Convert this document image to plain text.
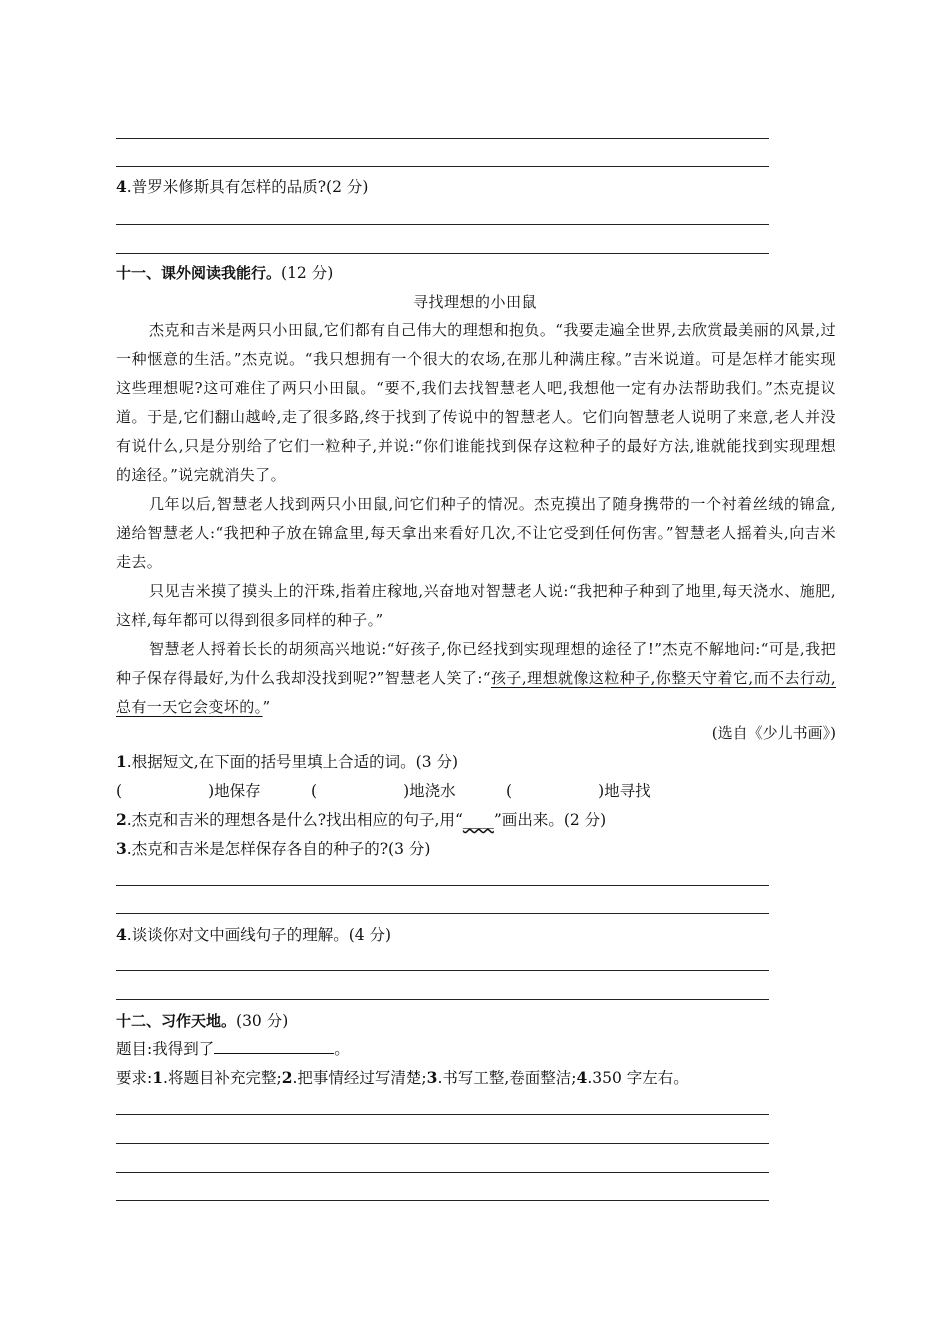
4.普罗米修斯具有怎样的品质?(2 分)
十一、课外阅读我能行。(12 分)
寻找理想的小田鼠

杰克和吉米是两只小田鼠,它们都有自己伟大的理想和抱负。“我要走遍全世界,去欣赏最美丽的风景,过一种惬意的生活。”杰克说。“我只想拥有一个很大的农场,在那儿种满庄稼。”吉米说道。可是怎样才能实现这些理想呢?这可难住了两只小田鼠。“要不,我们去找智慧老人吧,我想他一定有办法帮助我们。”杰克提议道。于是,它们翻山越岭,走了很多路,终于找到了传说中的智慧老人。它们向智慧老人说明了来意,老人并没有说什么,只是分别给了它们一粒种子,并说:“你们谁能找到保存这粒种子的最好方法,谁就能找到实现理想的途径。”说完就消失了。

几年以后,智慧老人找到两只小田鼠,问它们种子的情况。杰克摸出了随身携带的一个衬着丝绒的锦盒,递给智慧老人:“我把种子放在锦盒里,每天拿出来看好几次,不让它受到任何伤害。”智慧老人摇着头,向吉米走去。

只见吉米摸了摸头上的汗珠,指着庄稼地,兴奋地对智慧老人说:“我把种子种到了地里,每天浇水、施肥,这样,每年都可以得到很多同样的种子。”

智慧老人捋着长长的胡须高兴地说:“好孩子,你已经找到实现理想的途径了!”杰克不解地问:“可是,我把种子保存得最好,为什么我却没找到呢?”智慧老人笑了:“孩子,理想就像这粒种子,你整天守着它,而不去行动,总有一天它会变坏的。”

(选自《少儿书画》)
1.根据短文,在下面的括号里填上合适的词。(3 分)
(	)地保存	(	)地浇水	(	)地寻找
2.杰克和吉米的理想各是什么?找出相应的句子,用“____”画出来。(2 分)
3.杰克和吉米是怎样保存各自的种子的?(3 分)
4.谈谈你对文中画线句子的理解。(4 分)
十二、习作天地。(30 分)
题目:我得到了	。
要求:1.将题目补充完整;2.把事情经过写清楚;3.书写工整,卷面整洁;4.350 字左右。
